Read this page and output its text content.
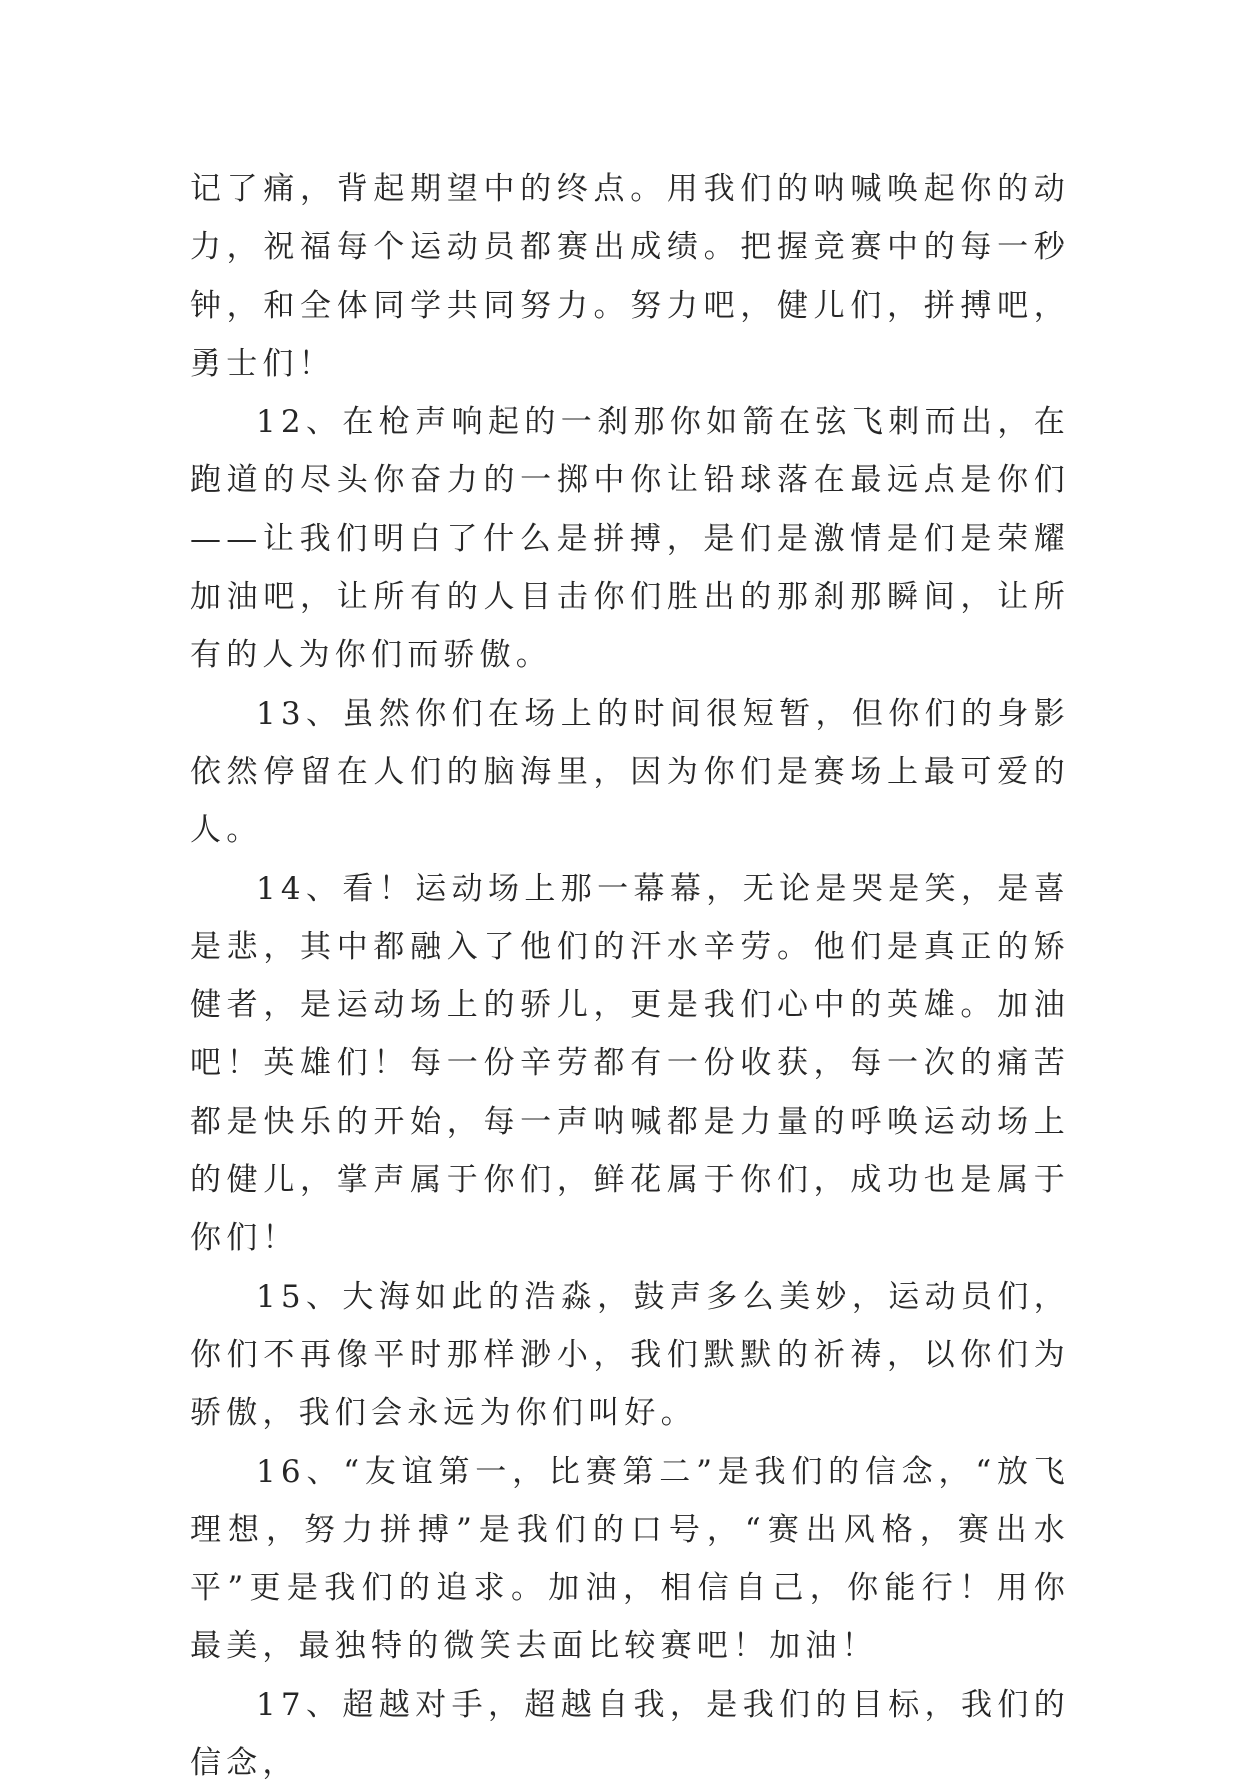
记了痛，背起期望中的终点。用我们的呐喊唤起你的动力，祝福每个运动员都赛出成绩。把握竞赛中的每一秒钟，和全体同学共同努力。努力吧，健儿们，拼搏吧，勇士们！

12、在枪声响起的一刹那你如箭在弦飞刺而出，在跑道的尽头你奋力的一掷中你让铅球落在最远点是你们——让我们明白了什么是拼搏，是们是激情是们是荣耀加油吧，让所有的人目击你们胜出的那刹那瞬间，让所有的人为你们而骄傲。

13、虽然你们在场上的时间很短暂，但你们的身影依然停留在人们的脑海里，因为你们是赛场上最可爱的人。

14、看！运动场上那一幕幕，无论是哭是笑，是喜是悲，其中都融入了他们的汗水辛劳。他们是真正的矫健者，是运动场上的骄儿，更是我们心中的英雄。加油吧！英雄们！每一份辛劳都有一份收获，每一次的痛苦都是快乐的开始，每一声呐喊都是力量的呼唤运动场上的健儿，掌声属于你们，鲜花属于你们，成功也是属于你们！

15、大海如此的浩淼，鼓声多么美妙，运动员们，你们不再像平时那样渺小，我们默默的祈祷，以你们为骄傲，我们会永远为你们叫好。

16、“友谊第一，比赛第二”是我们的信念，“放飞理想，努力拼搏”是我们的口号，“赛出风格，赛出水平”更是我们的追求。加油，相信自己，你能行！用你最美，最独特的微笑去面比较赛吧！加油！

17、超越对手，超越自我，是我们的目标，我们的信念，
